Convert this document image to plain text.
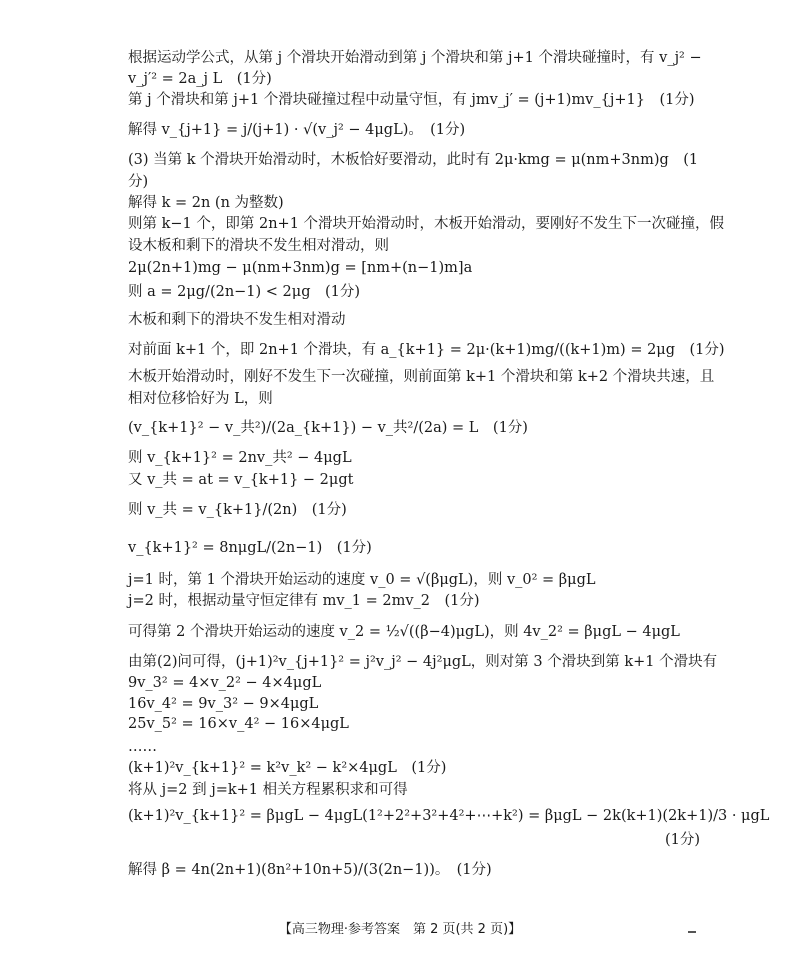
根据运动学公式，从第 j 个滑块开始滑动到第 j 个滑块和第 j+1 个滑块碰撞时，有 v_j² −
v_j′² = 2a_j L　(1分)
第 j 个滑块和第 j+1 个滑块碰撞过程中动量守恒，有 jmv_j′ = (j+1)mv_{j+1}　(1分)
解得 v_{j+1} = j/(j+1) · √(v_j² − 4μgL)。　(1分)
(3) 当第 k 个滑块开始滑动时，木板恰好要滑动，此时有 2μ·kmg = μ(nm+3nm)g　(1
分)
解得 k = 2n (n 为整数)
则第 k−1 个，即第 2n+1 个滑块开始滑动时，木板开始滑动，要刚好不发生下一次碰撞，假
设木板和剩下的滑块不发生相对滑动，则
2μ(2n+1)mg − μ(nm+3nm)g = [nm+(n−1)m]a
则 a = 2μg/(2n−1) < 2μg　(1分)
木板和剩下的滑块不发生相对滑动
对前面 k+1 个，即 2n+1 个滑块，有 a_{k+1} = 2μ·(k+1)mg/((k+1)m) = 2μg　(1分)
木板开始滑动时，刚好不发生下一次碰撞，则前面第 k+1 个滑块和第 k+2 个滑块共速，且
相对位移恰好为 L，则
(v_{k+1}² − v_共²)/(2a_{k+1}) − v_共²/(2a) = L　(1分)
则 v_{k+1}² = 2nv_共² − 4μgL
又 v_共 = at = v_{k+1} − 2μgt
则 v_共 = v_{k+1}/(2n)　(1分)
v_{k+1}² = 8nμgL/(2n−1)　(1分)
j=1 时，第 1 个滑块开始运动的速度 v_0 = √(βμgL)，则 v_0² = βμgL
j=2 时，根据动量守恒定律有 mv_1 = 2mv_2　(1分)
可得第 2 个滑块开始运动的速度 v_2 = ½√((β−4)μgL)，则 4v_2² = βμgL − 4μgL
由第(2)问可得，(j+1)²v_{j+1}² = j²v_j² − 4j²μgL，则对第 3 个滑块到第 k+1 个滑块有
9v_3² = 4×v_2² − 4×4μgL
16v_4² = 9v_3² − 9×4μgL
25v_5² = 16×v_4² − 16×4μgL
……
(k+1)²v_{k+1}² = k²v_k² − k²×4μgL　(1分)
将从 j=2 到 j=k+1 相关方程累积求和可得
(k+1)²v_{k+1}² = βμgL − 4μgL(1²+2²+3²+4²+⋯+k²) = βμgL − 2k(k+1)(2k+1)/3 · μgL
(1分)
解得 β = 4n(2n+1)(8n²+10n+5)/(3(2n−1))。　(1分)
【高三物理·参考答案　第 2 页(共 2 页)】
